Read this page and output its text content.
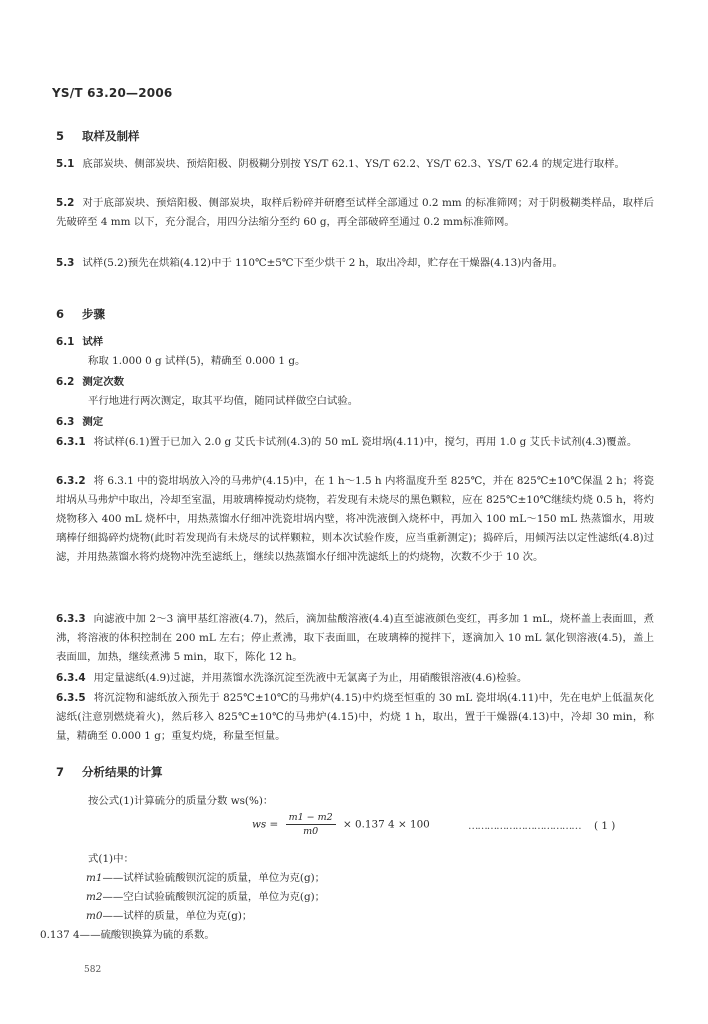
YS/T 63.20—2006
5 取样及制样
5.1 底部炭块、侧部炭块、预焙阳极、阴极糊分别按 YS/T 62.1、YS/T 62.2、YS/T 62.3、YS/T 62.4 的规定进行取样。
5.2 对于底部炭块、预焙阳极、侧部炭块，取样后粉碎并研磨至试样全部通过 0.2 mm 的标准筛网；对于阴极糊类样品，取样后先破碎至 4 mm 以下，充分混合，用四分法缩分至约 60 g，再全部破碎至通过 0.2 mm标准筛网。
5.3 试样(5.2)预先在烘箱(4.12)中于 110℃±5℃下至少烘干 2 h，取出冷却，贮存在干燥器(4.13)内备用。
6 步骤
6.1 试样
称取 1.000 0 g 试样(5)，精确至 0.000 1 g。
6.2 测定次数
平行地进行两次测定，取其平均值，随同试样做空白试验。
6.3 测定
6.3.1 将试样(6.1)置于已加入 2.0 g 艾氏卡试剂(4.3)的 50 mL 瓷坩埚(4.11)中，搅匀，再用 1.0 g 艾氏卡试剂(4.3)覆盖。
6.3.2 将 6.3.1 中的瓷坩埚放入冷的马弗炉(4.15)中，在 1 h～1.5 h 内将温度升至 825℃，并在 825℃±10℃保温 2 h；将瓷坩埚从马弗炉中取出，冷却至室温，用玻璃棒搅动灼烧物，若发现有未烧尽的黑色颗粒，应在 825℃±10℃继续灼烧 0.5 h，将灼烧物移入 400 mL 烧杯中，用热蒸馏水仔细冲洗瓷坩埚内壁，将冲洗液倒入烧杯中，再加入 100 mL～150 mL 热蒸馏水，用玻璃棒仔细捣碎灼烧物(此时若发现尚有未烧尽的试样颗粒，则本次试验作废，应当重新测定)；捣碎后，用倾泻法以定性滤纸(4.8)过滤，并用热蒸馏水将灼烧物冲洗至滤纸上，继续以热蒸馏水仔细冲洗滤纸上的灼烧物，次数不少于 10 次。
6.3.3 向滤液中加 2～3 滴甲基红溶液(4.7)，然后，滴加盐酸溶液(4.4)直至滤液颜色变红，再多加 1 mL，烧杯盖上表面皿，煮沸，将溶液的体积控制在 200 mL 左右；停止煮沸，取下表面皿，在玻璃棒的搅拌下，逐滴加入 10 mL 氯化钡溶液(4.5)，盖上表面皿，加热，继续煮沸 5 min，取下，陈化 12 h。
6.3.4 用定量滤纸(4.9)过滤，并用蒸馏水洗涤沉淀至洗液中无氯离子为止，用硝酸银溶液(4.6)检验。
6.3.5 将沉淀物和滤纸放入预先于 825℃±10℃的马弗炉(4.15)中灼烧至恒重的 30 mL 瓷坩埚(4.11)中，先在电炉上低温灰化滤纸(注意别燃烧着火)，然后移入 825℃±10℃的马弗炉(4.15)中，灼烧 1 h，取出，置于干燥器(4.13)中，冷却 30 min，称量，精确至 0.000 1 g；重复灼烧，称量至恒量。
7 分析结果的计算
按公式(1)计算硫分的质量分数 ws(%)：
ws = $\frac{m1 - m2}{m0} \times 0.137$ 4 × 100	……………………………… ( 1 )
式(1)中：
m1——试样试验硫酸钡沉淀的质量，单位为克(g)；
m2——空白试验硫酸钡沉淀的质量，单位为克(g)；
m0——试样的质量，单位为克(g)；
0.137 4——硫酸钡换算为硫的系数。
582
